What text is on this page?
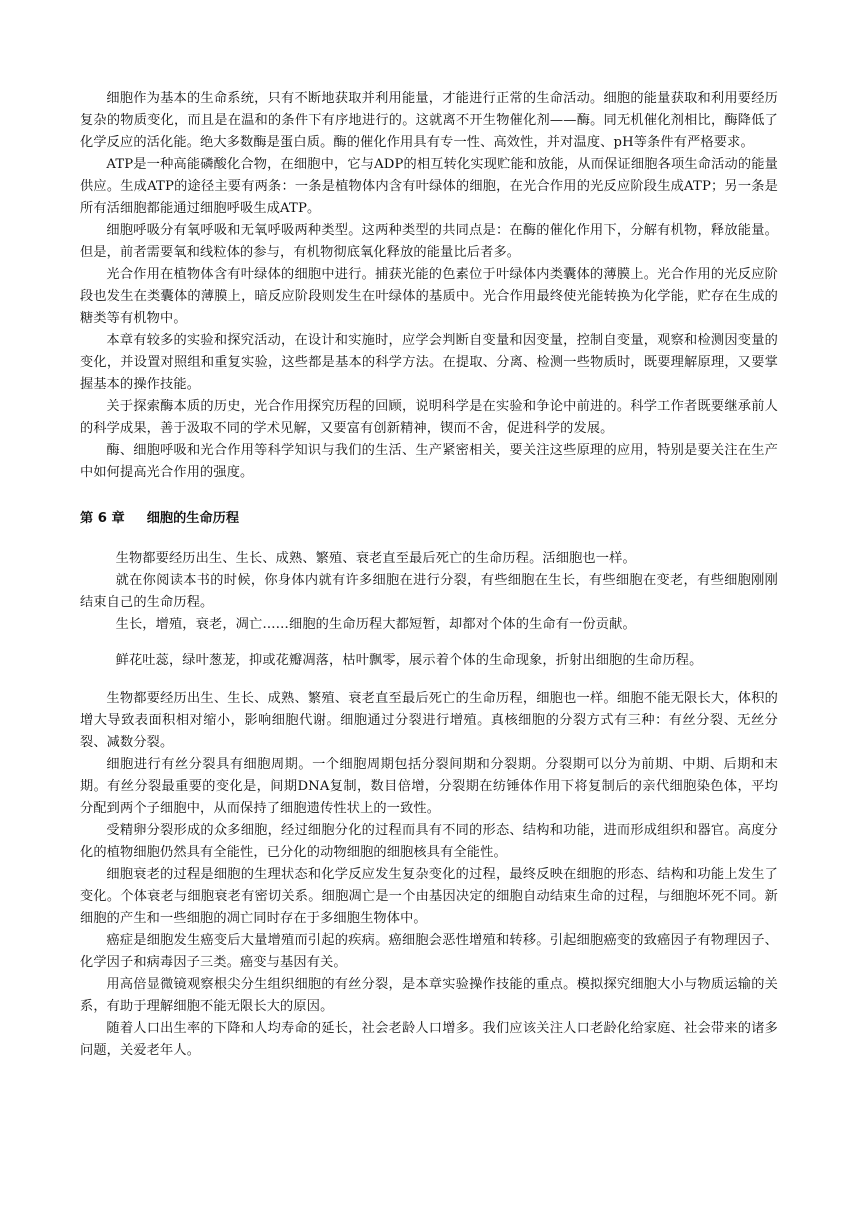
细胞作为基本的生命系统，只有不断地获取并利用能量，才能进行正常的生命活动。细胞的能量获取和利用要经历复杂的物质变化，而且是在温和的条件下有序地进行的。这就离不开生物催化剂——酶。同无机催化剂相比，酶降低了化学反应的活化能。绝大多数酶是蛋白质。酶的催化作用具有专一性、高效性，并对温度、pH等条件有严格要求。

ATP是一种高能磷酸化合物，在细胞中，它与ADP的相互转化实现贮能和放能，从而保证细胞各项生命活动的能量供应。生成ATP的途径主要有两条：一条是植物体内含有叶绿体的细胞，在光合作用的光反应阶段生成ATP；另一条是所有活细胞都能通过细胞呼吸生成ATP。

细胞呼吸分有氧呼吸和无氧呼吸两种类型。这两种类型的共同点是：在酶的催化作用下，分解有机物，释放能量。但是，前者需要氧和线粒体的参与，有机物彻底氧化释放的能量比后者多。

光合作用在植物体含有叶绿体的细胞中进行。捕获光能的色素位于叶绿体内类囊体的薄膜上。光合作用的光反应阶段也发生在类囊体的薄膜上，暗反应阶段则发生在叶绿体的基质中。光合作用最终使光能转换为化学能，贮存在生成的糖类等有机物中。

本章有较多的实验和探究活动，在设计和实施时，应学会判断自变量和因变量，控制自变量，观察和检测因变量的变化，并设置对照组和重复实验，这些都是基本的科学方法。在提取、分离、检测一些物质时，既要理解原理，又要掌握基本的操作技能。

关于探索酶本质的历史，光合作用探究历程的回顾，说明科学是在实验和争论中前进的。科学工作者既要继承前人的科学成果，善于汲取不同的学术见解，又要富有创新精神，锲而不舍，促进科学的发展。

酶、细胞呼吸和光合作用等科学知识与我们的生活、生产紧密相关，要关注这些原理的应用，特别是要关注在生产中如何提高光合作用的强度。

第 6 章 细胞的生命历程

生物都要经历出生、生长、成熟、繁殖、衰老直至最后死亡的生命历程。活细胞也一样。

就在你阅读本书的时候，你身体内就有许多细胞在进行分裂，有些细胞在生长，有些细胞在变老，有些细胞刚刚结束自己的生命历程。

生长，增殖，衰老，凋亡……细胞的生命历程大都短暂，却都对个体的生命有一份贡献。

鲜花吐蕊，绿叶葱茏，抑或花瓣凋落，枯叶飘零，展示着个体的生命现象，折射出细胞的生命历程。

生物都要经历出生、生长、成熟、繁殖、衰老直至最后死亡的生命历程，细胞也一样。细胞不能无限长大，体积的增大导致表面积相对缩小，影响细胞代谢。细胞通过分裂进行增殖。真核细胞的分裂方式有三种：有丝分裂、无丝分裂、减数分裂。

细胞进行有丝分裂具有细胞周期。一个细胞周期包括分裂间期和分裂期。分裂期可以分为前期、中期、后期和末期。有丝分裂最重要的变化是，间期DNA复制，数目倍增，分裂期在纺锤体作用下将复制后的亲代细胞染色体，平均分配到两个子细胞中，从而保持了细胞遗传性状上的一致性。

受精卵分裂形成的众多细胞，经过细胞分化的过程而具有不同的形态、结构和功能，进而形成组织和器官。高度分化的植物细胞仍然具有全能性，已分化的动物细胞的细胞核具有全能性。

细胞衰老的过程是细胞的生理状态和化学反应发生复杂变化的过程，最终反映在细胞的形态、结构和功能上发生了变化。个体衰老与细胞衰老有密切关系。细胞凋亡是一个由基因决定的细胞自动结束生命的过程，与细胞坏死不同。新细胞的产生和一些细胞的凋亡同时存在于多细胞生物体中。

癌症是细胞发生癌变后大量增殖而引起的疾病。癌细胞会恶性增殖和转移。引起细胞癌变的致癌因子有物理因子、化学因子和病毒因子三类。癌变与基因有关。

用高倍显微镜观察根尖分生组织细胞的有丝分裂，是本章实验操作技能的重点。模拟探究细胞大小与物质运输的关系，有助于理解细胞不能无限长大的原因。

随着人口出生率的下降和人均寿命的延长，社会老龄人口增多。我们应该关注人口老龄化给家庭、社会带来的诸多问题，关爱老年人。
